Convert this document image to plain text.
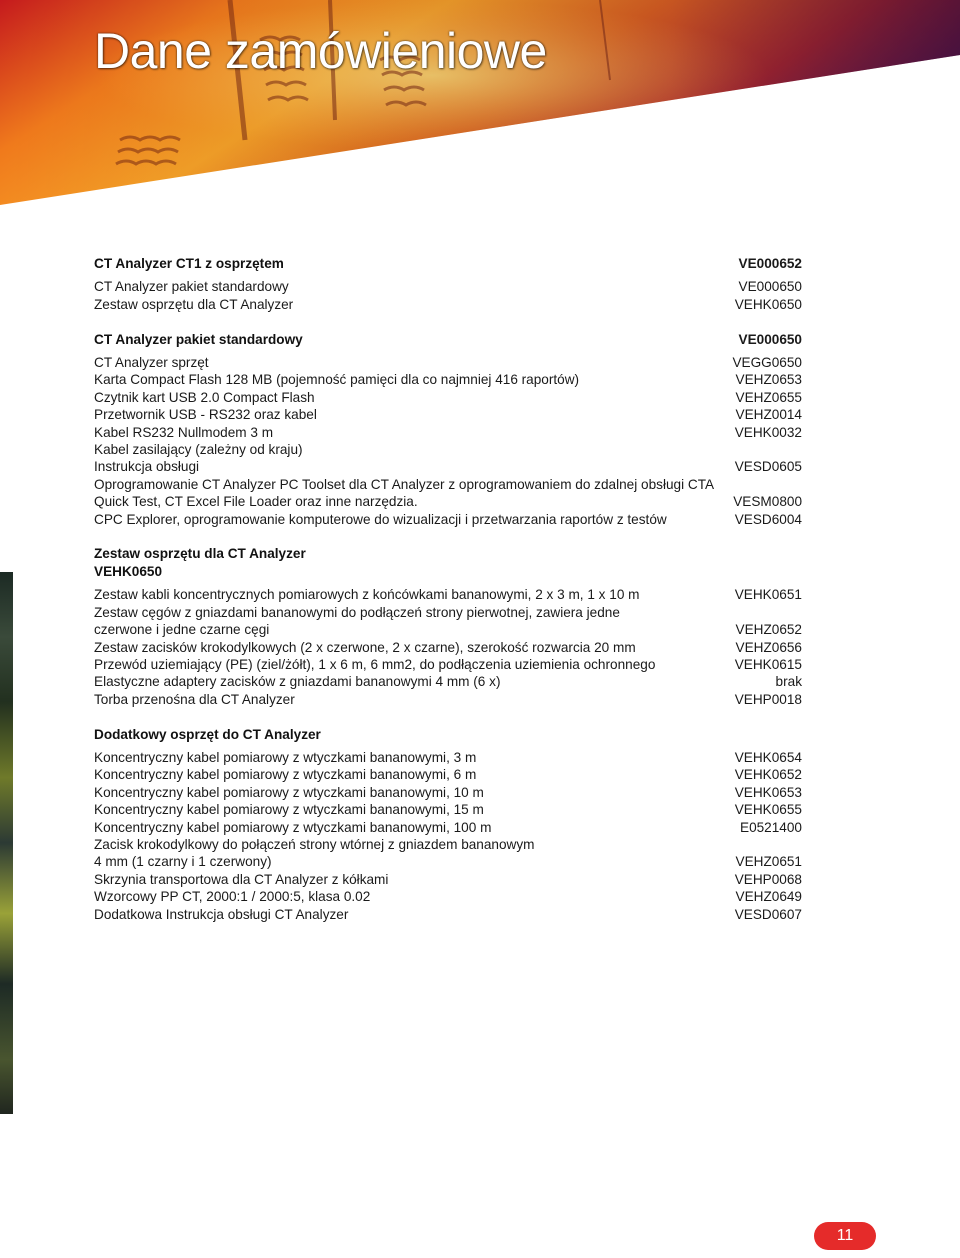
Dane zamówieniowe
CT Analyzer CT1 z osprzętem	VE000652
CT Analyzer pakiet standardowy	VE000650
Zestaw osprzętu dla CT Analyzer	VEHK0650
CT Analyzer pakiet standardowy	VE000650
CT Analyzer sprzęt	VEGG0650
Karta Compact Flash 128 MB (pojemność pamięci dla co najmniej 416 raportów)	VEHZ0653
Czytnik kart USB 2.0 Compact Flash	VEHZ0655
Przetwornik USB - RS232 oraz kabel	VEHZ0014
Kabel RS232 Nullmodem 3 m	VEHK0032
Kabel zasilający (zależny od kraju)
Instrukcja obsługi	VESD0605
Oprogramowanie CT Analyzer PC Toolset dla CT Analyzer z oprogramowaniem do zdalnej obsługi CTA Quick Test, CT Excel File Loader oraz inne narzędzia.	VESM0800
CPC Explorer, oprogramowanie komputerowe do wizualizacji i przetwarzania raportów z testów	VESD6004
Zestaw osprzętu dla CT Analyzer
VEHK0650
Zestaw kabli koncentrycznych pomiarowych z końcówkami bananowymi, 2 x 3 m, 1 x 10 m	VEHK0651
Zestaw cęgów z gniazdami bananowymi do podłączeń strony pierwotnej, zawiera jedne czerwone i jedne czarne cęgi	VEHZ0652
Zestaw zacisków krokodylkowych (2 x czerwone, 2 x czarne), szerokość rozwarcia 20 mm	VEHZ0656
Przewód uziemiający (PE) (ziel/żółt), 1 x 6 m, 6 mm2, do podłączenia uziemienia ochronnego	VEHK0615
Elastyczne adaptery zacisków z gniazdami bananowymi 4 mm (6 x)	brak
Torba przenośna dla CT Analyzer	VEHP0018
Dodatkowy osprzęt do CT Analyzer
Koncentryczny kabel pomiarowy z wtyczkami bananowymi, 3 m	VEHK0654
Koncentryczny kabel pomiarowy z wtyczkami bananowymi, 6 m	VEHK0652
Koncentryczny kabel pomiarowy z wtyczkami bananowymi, 10 m	VEHK0653
Koncentryczny kabel pomiarowy z wtyczkami bananowymi, 15 m	VEHK0655
Koncentryczny kabel pomiarowy z wtyczkami bananowymi, 100 m	E0521400
Zacisk krokodylkowy do połączeń strony wtórnej z gniazdem bananowym 4 mm (1 czarny i 1 czerwony)	VEHZ0651
Skrzynia transportowa dla CT Analyzer z kółkami	VEHP0068
Wzorcowy PP CT, 2000:1 / 2000:5, klasa 0.02	VEHZ0649
Dodatkowa Instrukcja obsługi CT Analyzer	VESD0607
11
